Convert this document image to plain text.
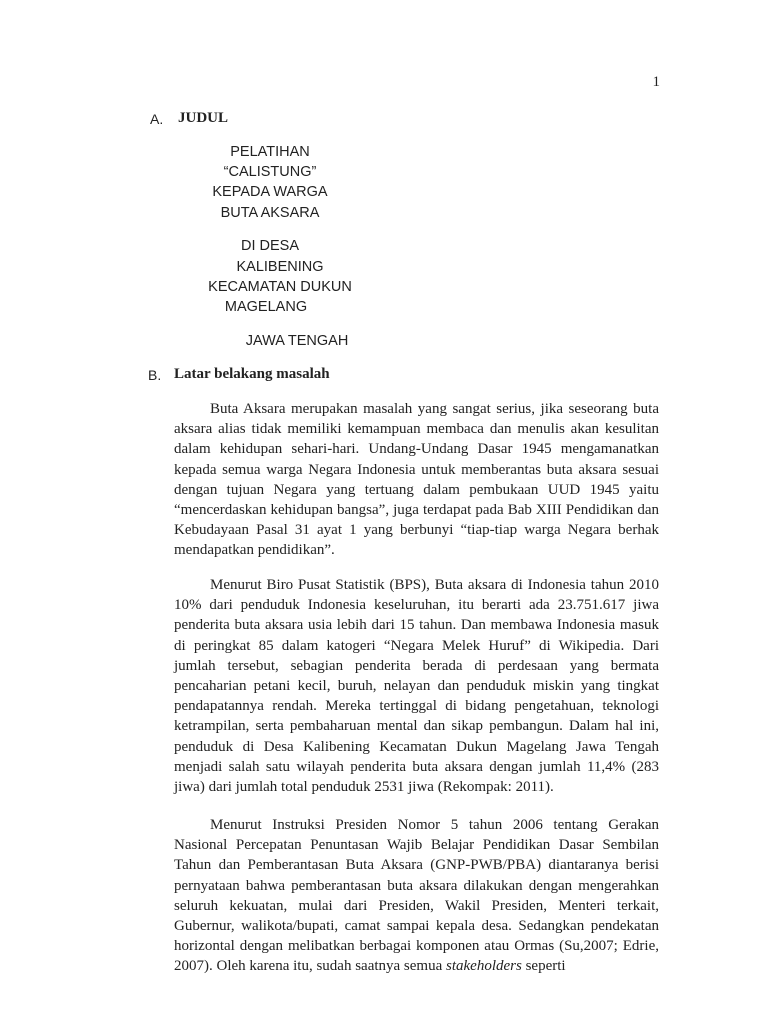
1
A. JUDUL
PELATIHAN
“CALISTUNG”
KEPADA WARGA
BUTA AKSARA
DI DESA
KALIBENING
KECAMATAN DUKUN
MAGELANG
JAWA TENGAH
B. Latar belakang masalah

Buta Aksara merupakan masalah yang sangat serius, jika seseorang buta aksara alias tidak memiliki kemampuan membaca dan menulis akan kesulitan dalam kehidupan sehari-hari. Undang-Undang Dasar 1945 mengamanatkan kepada semua warga Negara Indonesia untuk memberantas buta aksara sesuai dengan tujuan Negara yang tertuang dalam pembukaan UUD 1945 yaitu “mencerdaskan kehidupan bangsa”, juga terdapat pada Bab XIII Pendidikan dan Kebudayaan Pasal 31 ayat 1 yang berbunyi “tiap-tiap warga Negara berhak mendapatkan pendidikan”.

Menurut Biro Pusat Statistik (BPS), Buta aksara di Indonesia tahun 2010 10% dari penduduk Indonesia keseluruhan, itu berarti ada 23.751.617 jiwa penderita buta aksara usia lebih dari 15 tahun. Dan membawa Indonesia masuk di peringkat 85 dalam katogeri “Negara Melek Huruf” di Wikipedia. Dari jumlah tersebut, sebagian penderita berada di perdesaan yang bermata pencaharian petani kecil, buruh, nelayan dan penduduk miskin yang tingkat pendapatannya rendah. Mereka tertinggal di bidang pengetahuan, teknologi ketrampilan, serta pembaharuan mental dan sikap pembangun. Dalam hal ini, penduduk di Desa Kalibening Kecamatan Dukun Magelang Jawa Tengah menjadi salah satu wilayah penderita buta aksara dengan jumlah 11,4% (283 jiwa) dari jumlah total penduduk 2531 jiwa (Rekompak: 2011).

Menurut Instruksi Presiden Nomor 5 tahun 2006 tentang Gerakan Nasional Percepatan Penuntasan Wajib Belajar Pendidikan Dasar Sembilan Tahun dan Pemberantasan Buta Aksara (GNP-PWB/PBA) diantaranya berisi pernyataan bahwa pemberantasan buta aksara dilakukan dengan mengerahkan seluruh kekuatan, mulai dari Presiden, Wakil Presiden, Menteri terkait, Gubernur, walikota/bupati, camat sampai kepala desa. Sedangkan pendekatan horizontal dengan melibatkan berbagai komponen atau Ormas (Su,2007; Edrie, 2007). Oleh karena itu, sudah saatnya semua stakeholders seperti
